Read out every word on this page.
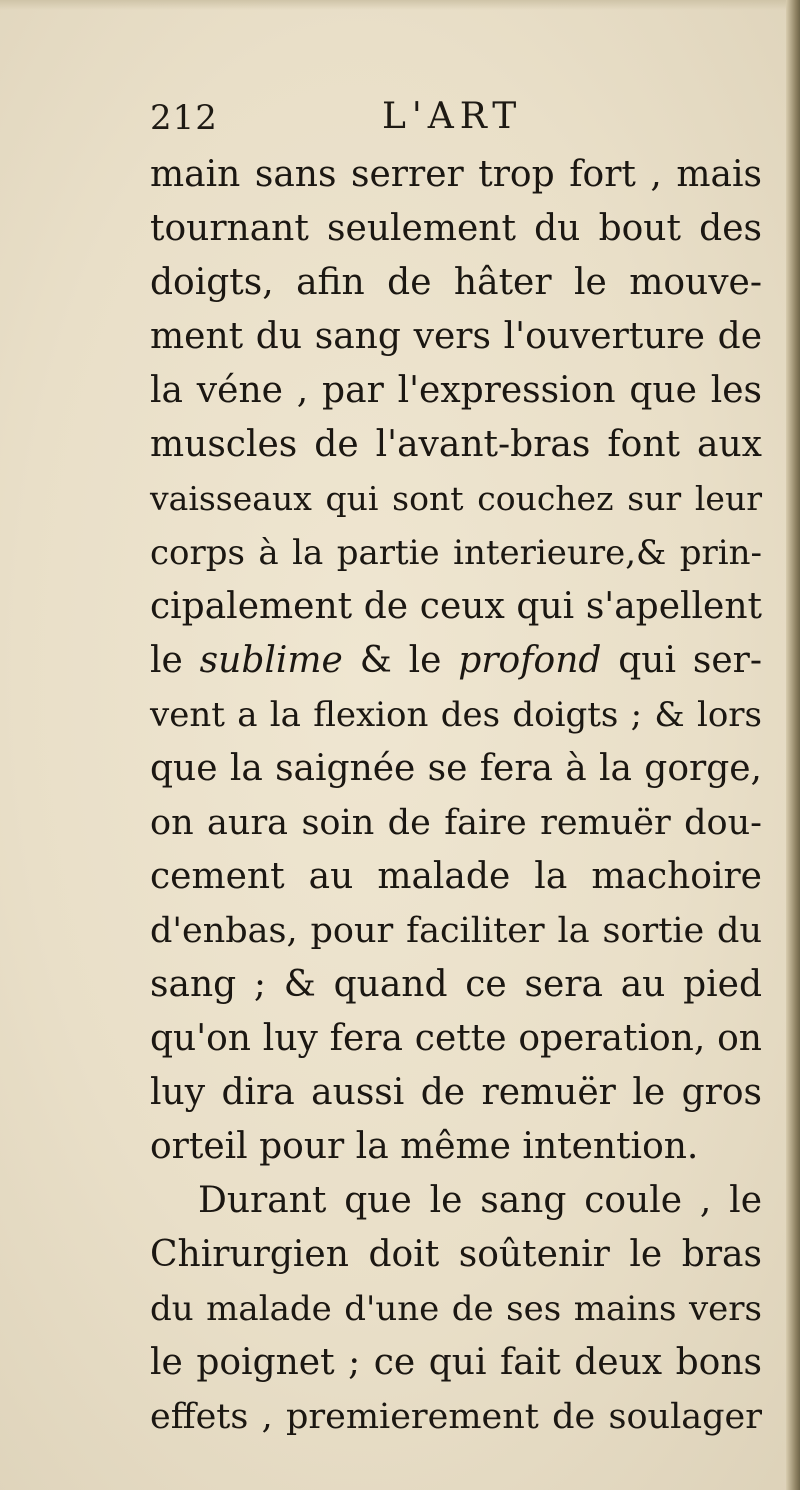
212	L'ART
main sans serrer trop fort , mais
tournant seulement du bout des
doigts, afin de hâter le mouve-
ment du sang vers l'ouverture de
la véne , par l'expression que les
muscles de l'avant-bras font aux
vaisseaux qui sont couchez sur leur
corps à la partie interieure,& prin-
cipalement de ceux qui s'apellent
le sublime & le profond qui ser-
vent a la flexion des doigts ; & lors
que la saignée se fera à la gorge,
on aura soin de faire remuër dou-
cement au malade la machoire
d'enbas, pour faciliter la sortie du
sang ; & quand ce sera au pied
qu'on luy fera cette operation, on
luy dira aussi de remuër le gros
orteil pour la même intention.
Durant que le sang coule , le
Chirurgien doit soûtenir le bras
du malade d'une de ses mains vers
le poignet ; ce qui fait deux bons
effets , premierement de soulager
